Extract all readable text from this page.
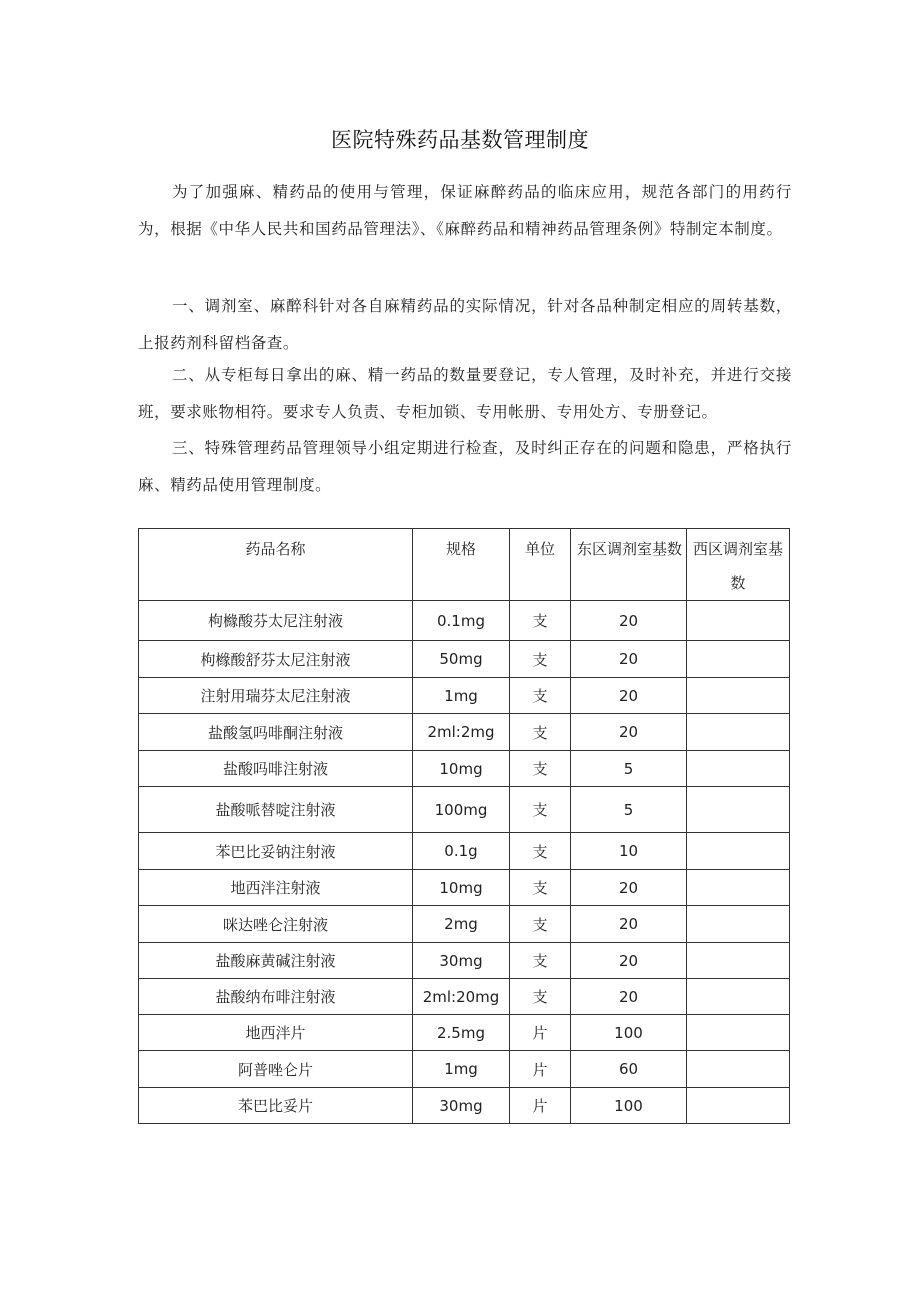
医院特殊药品基数管理制度

为了加强麻、精药品的使用与管理，保证麻醉药品的临床应用，规范各部门的用药行为，根据《中华人民共和国药品管理法》、《麻醉药品和精神药品管理条例》特制定本制度。

一、调剂室、麻醉科针对各自麻精药品的实际情况，针对各品种制定相应的周转基数，上报药剂科留档备查。

二、从专柜每日拿出的麻、精一药品的数量要登记，专人管理，及时补充，并进行交接班，要求账物相符。要求专人负责、专柜加锁、专用帐册、专用处方、专册登记。

三、特殊管理药品管理领导小组定期进行检查，及时纠正存在的问题和隐患，严格执行麻、精药品使用管理制度。

药品名称	规格	单位	东区调剂室基数	西区调剂室基数
枸櫞酸芬太尼注射液	0.1mg	支	20	
枸橼酸舒芬太尼注射液	50mg	支	20	
注射用瑞芬太尼注射液	1mg	支	20	
盐酸氢吗啡酮注射液	2ml:2mg	支	20	
盐酸吗啡注射液	10mg	支	5	
盐酸哌替啶注射液	100mg	支	5	
苯巴比妥钠注射液	0.1g	支	10	
地西泮注射液	10mg	支	20	
咪达唑仑注射液	2mg	支	20	
盐酸麻黄碱注射液	30mg	支	20	
盐酸纳布啡注射液	2ml:20mg	支	20	
地西泮片	2.5mg	片	100	
阿普唑仑片	1mg	片	60	
苯巴比妥片	30mg	片	100	
